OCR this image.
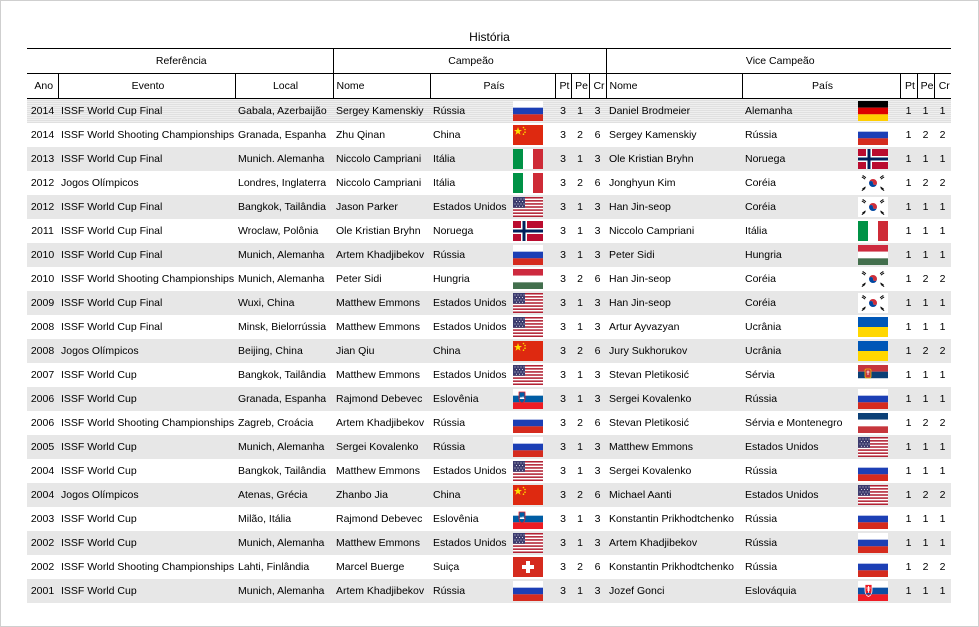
História
Referência			Campeão					Vice Campeão				
Ano	Evento	Local	Nome	País	Pt	Pe	Cr	Nome	País	Pt	Pe	Cr
2014	ISSF World Cup Final	Gabala, Azerbaijão	Sergey Kamenskiy	Rússia	3	1	3	Daniel Brodmeier	Alemanha	1	1	1
2014	ISSF World Shooting Championships	Granada, Espanha	Zhu Qinan	China	3	2	6	Sergey Kamenskiy	Rússia	1	2	2
2013	ISSF World Cup Final	Munich. Alemanha	Niccolo Campriani	Itália	3	1	3	Ole Kristian Bryhn	Noruega	1	1	1
2012	Jogos Olímpicos	Londres, Inglaterra	Niccolo Campriani	Itália	3	2	6	Jonghyun Kim	Coréia	1	2	2
2012	ISSF World Cup Final	Bangkok, Tailândia	Jason Parker	Estados Unidos	3	1	3	Han Jin-seop	Coréia	1	1	1
2011	ISSF World Cup Final	Wroclaw, Polônia	Ole Kristian Bryhn	Noruega	3	1	3	Niccolo Campriani	Itália	1	1	1
2010	ISSF World Cup Final	Munich, Alemanha	Artem Khadjibekov	Rússia	3	1	3	Peter Sidi	Hungria	1	1	1
2010	ISSF World Shooting Championships	Munich, Alemanha	Peter Sidi	Hungria	3	2	6	Han Jin-seop	Coréia	1	2	2
2009	ISSF World Cup Final	Wuxi, China	Matthew Emmons	Estados Unidos	3	1	3	Han Jin-seop	Coréia	1	1	1
2008	ISSF World Cup Final	Minsk, Bielorrússia	Matthew Emmons	Estados Unidos	3	1	3	Artur Ayvazyan	Ucrânia	1	1	1
2008	Jogos Olímpicos	Beijing, China	Jian Qiu	China	3	2	6	Jury Sukhorukov	Ucrânia	1	2	2
2007	ISSF World Cup	Bangkok, Tailândia	Matthew Emmons	Estados Unidos	3	1	3	Stevan Pletikosić	Sérvia	1	1	1
2006	ISSF World Cup	Granada, Espanha	Rajmond Debevec	Eslovênia	3	1	3	Sergei Kovalenko	Rússia	1	1	1
2006	ISSF World Shooting Championships	Zagreb, Croácia	Artem Khadjibekov	Rússia	3	2	6	Stevan Pletikosić	Sérvia e Montenegro	1	2	2
2005	ISSF World Cup	Munich, Alemanha	Sergei Kovalenko	Rússia	3	1	3	Matthew Emmons	Estados Unidos	1	1	1
2004	ISSF World Cup	Bangkok, Tailândia	Matthew Emmons	Estados Unidos	3	1	3	Sergei Kovalenko	Rússia	1	1	1
2004	Jogos Olímpicos	Atenas, Grécia	Zhanbo Jia	China	3	2	6	Michael Aanti	Estados Unidos	1	2	2
2003	ISSF World Cup	Milão, Itália	Rajmond Debevec	Eslovênia	3	1	3	Konstantin Prikhodtchenko	Rússia	1	1	1
2002	ISSF World Cup	Munich, Alemanha	Matthew Emmons	Estados Unidos	3	1	3	Artem Khadjibekov	Rússia	1	1	1
2002	ISSF World Shooting Championships	Lahti, Finlândia	Marcel Buerge	Suiça	3	2	6	Konstantin Prikhodtchenko	Rússia	1	2	2
2001	ISSF World Cup	Munich, Alemanha	Artem Khadjibekov	Rússia	3	1	3	Jozef Gonci	Eslováquia	1	1	1
